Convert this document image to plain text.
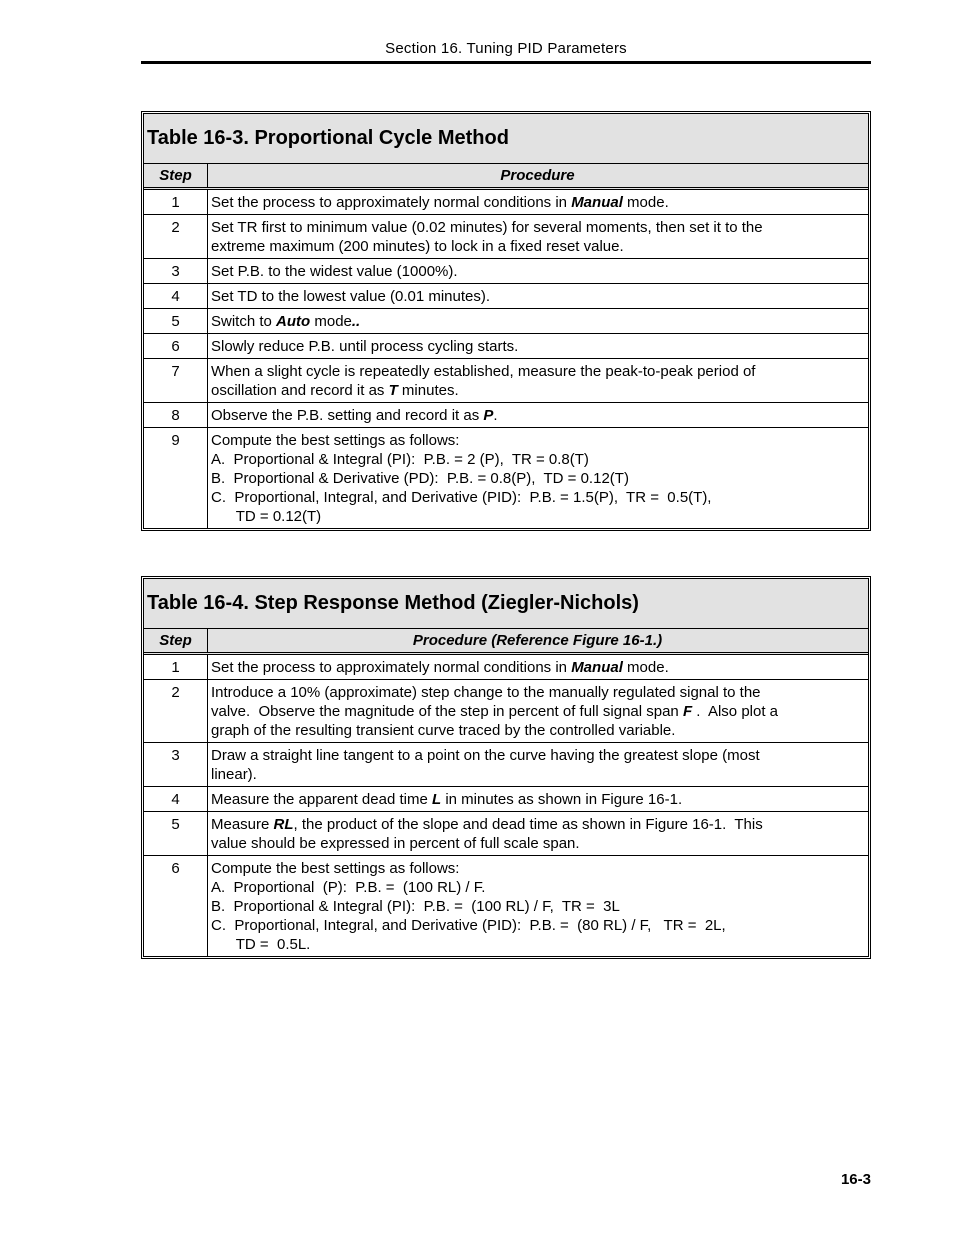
Section 16. Tuning PID Parameters
Table 16-3. Proportional Cycle Method
Step	Procedure
1	Set the process to approximately normal conditions in Manual mode.
2	Set TR first to minimum value (0.02 minutes) for several moments, then set it to the
extreme maximum (200 minutes) to lock in a fixed reset value.
3	Set P.B. to the widest value (1000%).
4	Set TD to the lowest value (0.01 minutes).
5	Switch to Auto mode..
6	Slowly reduce P.B. until process cycling starts.
7	When a slight cycle is repeatedly established, measure the peak-to-peak period of
oscillation and record it as T minutes.
8	Observe the P.B. setting and record it as P.
9	Compute the best settings as follows:
A.  Proportional & Integral (PI):  P.B. = 2 (P),  TR = 0.8(T)
B.  Proportional & Derivative (PD):  P.B. = 0.8(P),  TD = 0.12(T)
C.  Proportional, Integral, and Derivative (PID):  P.B. = 1.5(P),  TR =  0.5(T),
TD = 0.12(T)
Table 16-4. Step Response Method (Ziegler-Nichols)
Step	Procedure (Reference Figure 16-1.)
1	Set the process to approximately normal conditions in Manual mode.
2	Introduce a 10% (approximate) step change to the manually regulated signal to the
valve.  Observe the magnitude of the step in percent of full signal span F .  Also plot a
graph of the resulting transient curve traced by the controlled variable.
3	Draw a straight line tangent to a point on the curve having the greatest slope (most
linear).
4	Measure the apparent dead time L in minutes as shown in Figure 16-1.
5	Measure RL, the product of the slope and dead time as shown in Figure 16-1.  This
value should be expressed in percent of full scale span.
6	Compute the best settings as follows:
A.  Proportional  (P):  P.B. =  (100 RL) / F.
B.  Proportional & Integral (PI):  P.B. =  (100 RL) / F,  TR =  3L
C.  Proportional, Integral, and Derivative (PID):  P.B. =  (80 RL) / F,   TR =  2L,
TD =  0.5L.
16-3
